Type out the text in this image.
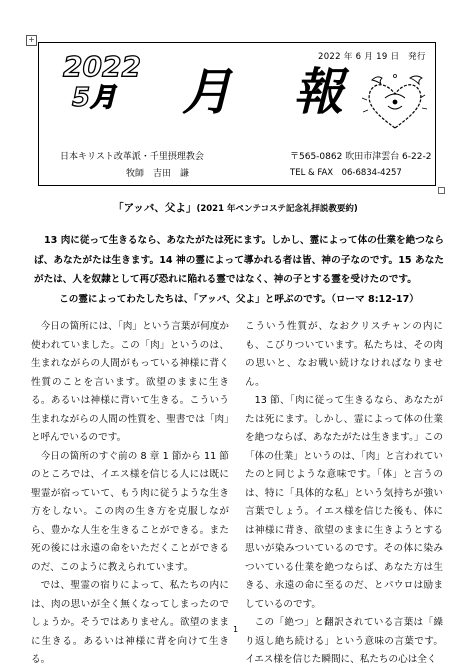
+
2022 年 6 月 19 日　発行
2022
5月 月 報
日本キリスト改革派・千里摂理教会
牧師　吉田　謙
〒565-0862 吹田市津雲台 6-22-2
TEL & FAX　06-6834-4257
「アッバ、父よ」(2021 年ペンテコステ記念礼拝説教要約)
13 肉に従って生きるなら、あなたがたは死にます。しかし、霊によって体の仕業を絶つならば、あなたがたは生きます。14 神の霊によって導かれる者は皆、神の子なのです。15 あなたがたは、人を奴隷として再び恐れに陥れる霊ではなく、神の子とする霊を受けたのです。
この霊によってわたしたちは、「アッバ、父よ」と呼ぶのです。（ローマ 8:12-17）

今日の箇所には、「肉」という言葉が何度か使われていました。この「肉」というのは、生まれながらの人間がもっている神様に背く性質のことを言います。欲望のままに生きる。あるいは神様に背いて生きる。こういう生まれながらの人間の性質を、聖書では「肉」と呼んでいるのです。

今日の箇所のすぐ前の 8 章 1 節から 11 節のところでは、イエス様を信じる人には既に聖霊が宿っていて、もう肉に従うような生き方をしない。この肉の生き方を克服しながら、豊かな人生を生きることができる。また死の後には永遠の命をいただくことができるのだ、このように教えられています。

では、聖霊の宿りによって、私たちの内には、肉の思いが全く無くなってしまったのでしょうか。そうではありません。欲望のままに生きる。あるいは神様に背を向けて生きる。

こういう性質が、なおクリスチャンの内にも、こびりついています。私たちは、その肉の思いと、なお戦い続けなければなりません。

13 節、「肉に従って生きるなら、あなたがたは死にます。しかし、霊によって体の仕業を絶つならば、あなたがたは生きます。」この「体の仕業」というのは、「肉」と言われていたのと同じような意味です。「体」と言うのは、特に「具体的な私」という気持ちが強い言葉でしょう。イエス様を信じた後も、体には神様に背き、欲望のままに生きようとする思いが染みついているのです。その体に染みついている仕業を絶つならば、あなた方は生きる、永遠の命に至るのだ、とパウロは励ましているのです。

この「絶つ」と翻訳されている言葉は「繰り返し絶ち続ける」という意味の言葉です。イエス様を信じた瞬間に、私たちの心は全く

1
